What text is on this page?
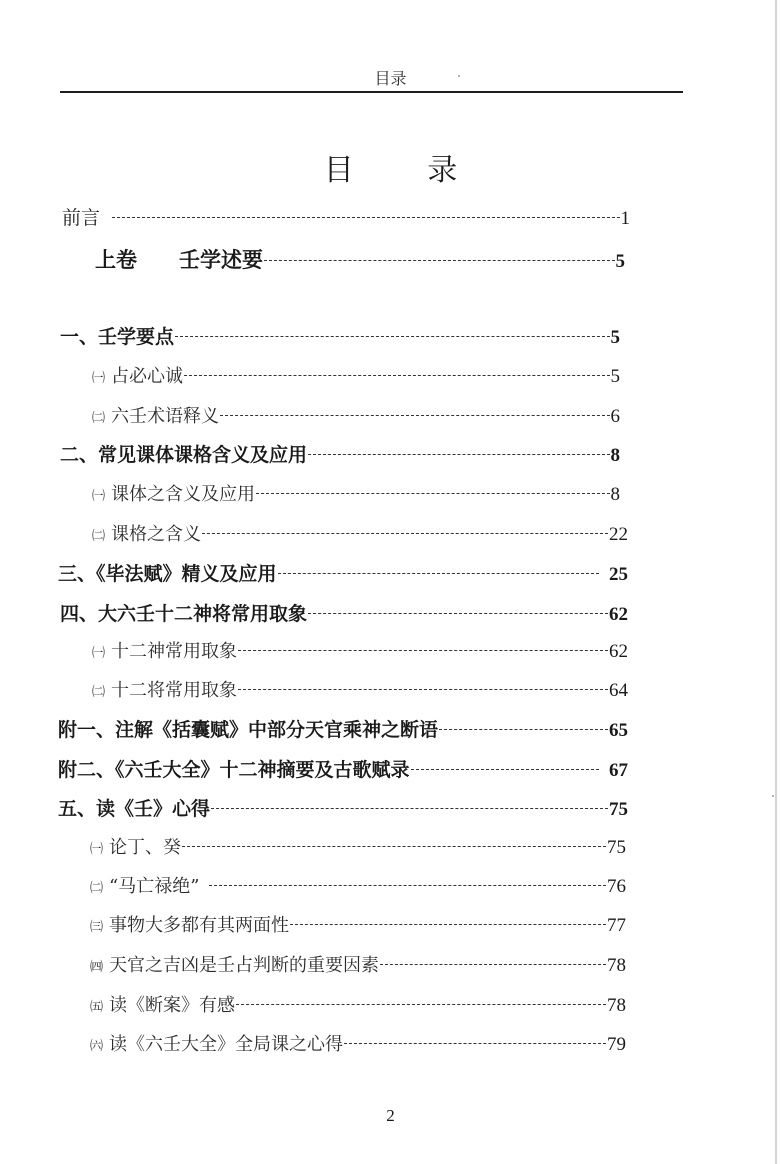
目录
目 录
前言	1
上卷　　壬学述要	5
一、壬学要点	5
㈠ 占必心诚	5
㈡ 六壬术语释义	6
二、常见课体课格含义及应用	8
㈠ 课体之含义及应用	8
㈡ 课格之含义	22
三、《毕法赋》精义及应用	25
四、大六壬十二神将常用取象	62
㈠ 十二神常用取象	62
㈡ 十二将常用取象	64
附一、注解《括囊赋》中部分天官乘神之断语	65
附二、《六壬大全》十二神摘要及古歌赋录	67
五、读《壬》心得	75
㈠ 论丁、癸	75
㈡ “马亡禄绝”	76
㈢ 事物大多都有其两面性	77
㈣ 天官之吉凶是壬占判断的重要因素	78
㈤ 读《断案》有感	78
㈥ 读《六壬大全》全局课之心得	79
2
